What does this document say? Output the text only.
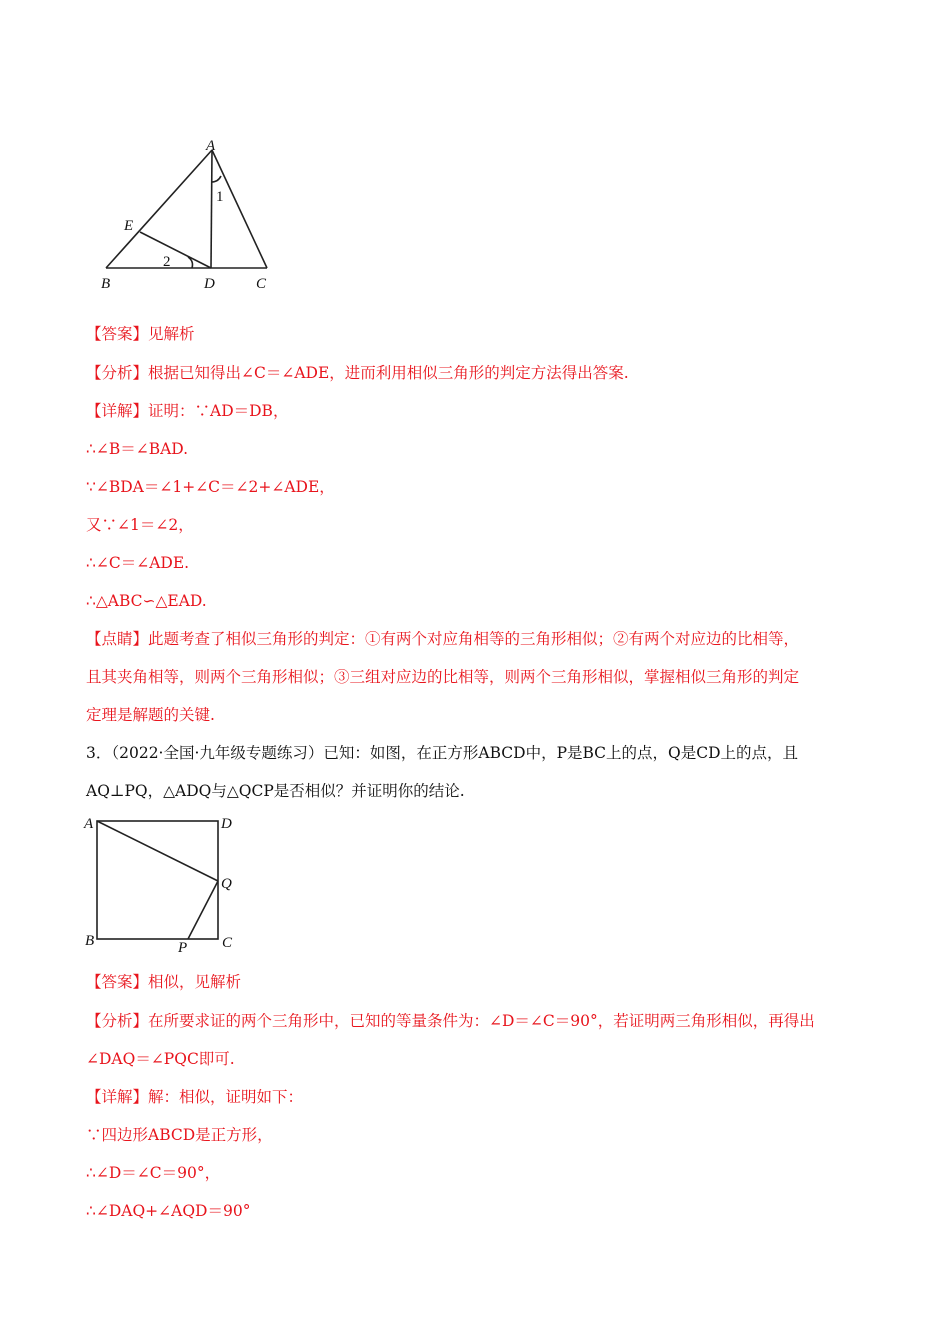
A
E
B	D	C
1
2
【答案】见解析
【分析】根据已知得出∠C＝∠ADE，进而利用相似三角形的判定方法得出答案.
【详解】证明：∵AD＝DB，
∴∠B＝∠BAD.
∵∠BDA＝∠1+∠C＝∠2+∠ADE，
又∵∠1＝∠2，
∴∠C＝∠ADE.
∴△ABC∽△EAD.
【点睛】此题考查了相似三角形的判定：①有两个对应角相等的三角形相似；②有两个对应边的比相等，
且其夹角相等，则两个三角形相似；③三组对应边的比相等，则两个三角形相似，掌握相似三角形的判定
定理是解题的关键.
3．（2022·全国·九年级专题练习）已知：如图，在正方形ABCD中，P是BC上的点，Q是CD上的点，且
AQ⊥PQ，△ADQ与△QCP是否相似？并证明你的结论.
A	D
Q
B	P C
【答案】相似，见解析
【分析】在所要求证的两个三角形中，已知的等量条件为：∠D＝∠C＝90°，若证明两三角形相似，再得出
∠DAQ＝∠PQC即可.
【详解】解：相似，证明如下：
∵四边形ABCD是正方形，
∴∠D＝∠C＝90°，
∴∠DAQ+∠AQD＝90°
